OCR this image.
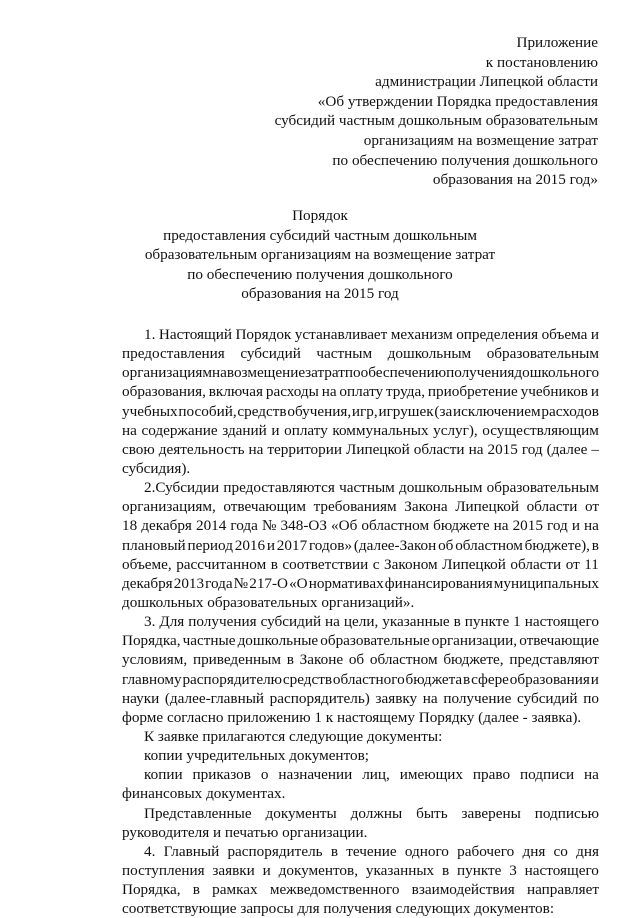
Приложение
к постановлению
администрации Липецкой области
«Об утверждении Порядка предоставления
субсидий частным дошкольным образовательным
организациям на возмещение затрат
по обеспечению получения дошкольного
образования на 2015 год»
Порядок
предоставления субсидий частным дошкольным
образовательным организациям на возмещение затрат
по обеспечению получения дошкольного
образования на 2015 год
1. Настоящий Порядок устанавливает механизм определения объема и
предоставления субсидий частным дошкольным образовательным
организациям на возмещение затрат по обеспечению получения дошкольного
образования, включая расходы на оплату труда, приобретение учебников и
учебных пособий, средств обучения, игр, игрушек (за исключением расходов
на содержание зданий и оплату коммунальных услуг), осуществляющим
свою деятельность на территории Липецкой области на 2015 год (далее –
субсидия).
2.Субсидии предоставляются частным дошкольным образовательным
организациям, отвечающим требованиям Закона Липецкой области от
18 декабря 2014 года № 348-ОЗ «Об областном бюджете на 2015 год и на
плановый период 2016 и 2017 годов» (далее-Закон об областном бюджете), в
объеме, рассчитанном в соответствии с Законом Липецкой области от 11
декабря 2013 года № 217-О «О нормативах финансирования муниципальных
дошкольных образовательных организаций».
3. Для получения субсидий на цели, указанные в пункте 1 настоящего
Порядка, частные дошкольные образовательные организации, отвечающие
условиям, приведенным в Законе об областном бюджете, представляют
главному распорядителю средств областного бюджета в сфере образования и
науки (далее-главный распорядитель) заявку на получение субсидий по
форме согласно приложению 1 к настоящему Порядку (далее - заявка).
К заявке прилагаются следующие документы:
копии учредительных документов;
копии приказов о назначении лиц, имеющих право подписи на
финансовых документах.
Представленные документы должны быть заверены подписью
руководителя и печатью организации.
4. Главный распорядитель в течение одного рабочего дня со дня
поступления заявки и документов, указанных в пункте 3 настоящего
Порядка, в рамках межведомственного взаимодействия направляет
соответствующие запросы для получения следующих документов:
